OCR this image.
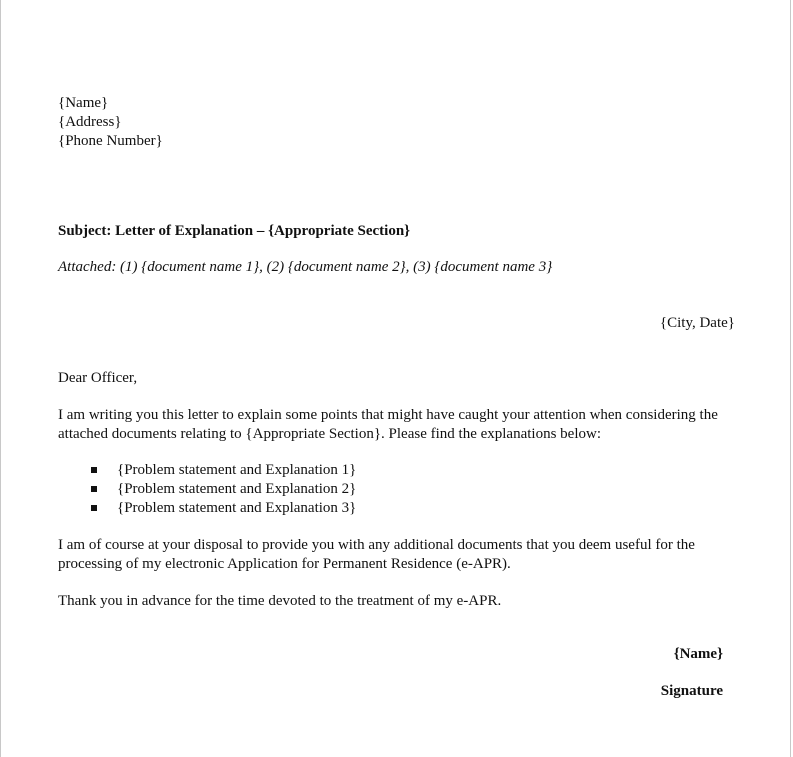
{Name}
{Address}
{Phone Number}
Subject: Letter of Explanation – {Appropriate Section}
Attached: (1) {document name 1}, (2) {document name 2}, (3) {document name 3}
{City, Date}
Dear Officer,
I am writing you this letter to explain some points that might have caught your attention when considering the attached documents relating to {Appropriate Section}. Please find the explanations below:
{Problem statement and Explanation 1}
{Problem statement and Explanation 2}
{Problem statement and Explanation 3}
I am of course at your disposal to provide you with any additional documents that you deem useful for the processing of my electronic Application for Permanent Residence (e-APR).
Thank you in advance for the time devoted to the treatment of my e-APR.
{Name}
Signature
